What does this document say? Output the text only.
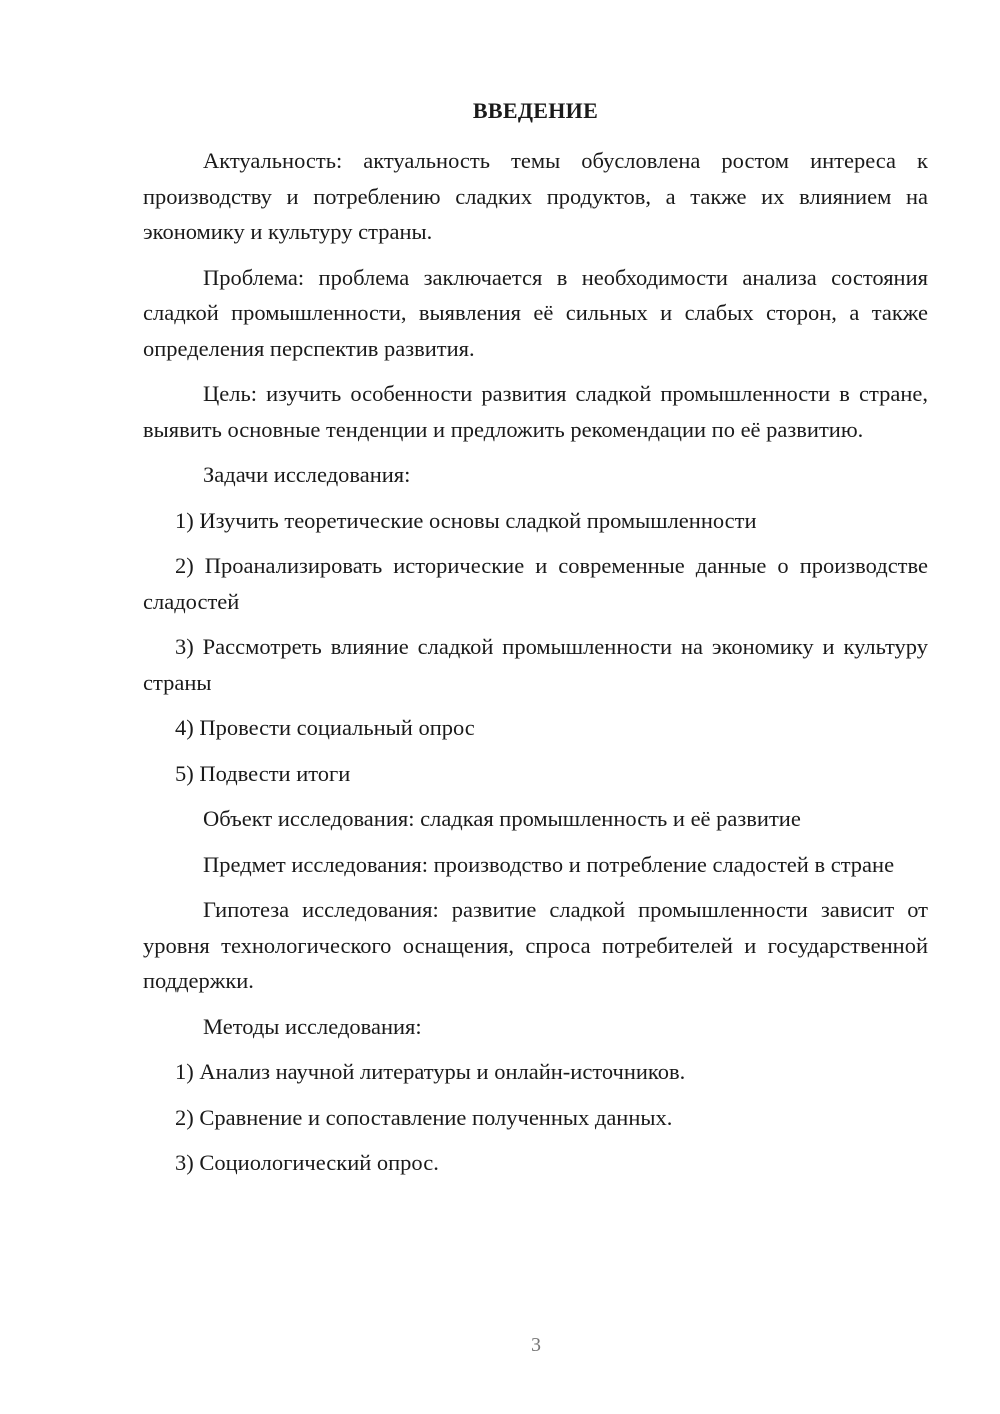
ВВЕДЕНИЕ

Актуальность: актуальность темы обусловлена ростом интереса к производству и потреблению сладких продуктов, а также их влиянием на экономику и культуру страны.

Проблема: проблема заключается в необходимости анализа состояния сладкой промышленности, выявления её сильных и слабых сторон, а также определения перспектив развития.

Цель: изучить особенности развития сладкой промышленности в стране, выявить основные тенденции и предложить рекомендации по её развитию.

Задачи исследования:

1) Изучить теоретические основы сладкой промышленности

2) Проанализировать исторические и современные данные о производстве сладостей

3) Рассмотреть влияние сладкой промышленности на экономику и культуру страны

4) Провести социальный опрос

5) Подвести итоги

Объект исследования: сладкая промышленность и её развитие

Предмет исследования: производство и потребление сладостей в стране

Гипотеза исследования: развитие сладкой промышленности зависит от уровня технологического оснащения, спроса потребителей и государственной поддержки.

Методы исследования:

1) Анализ научной литературы и онлайн-источников.

2) Сравнение и сопоставление полученных данных.

3) Социологический опрос.

3
